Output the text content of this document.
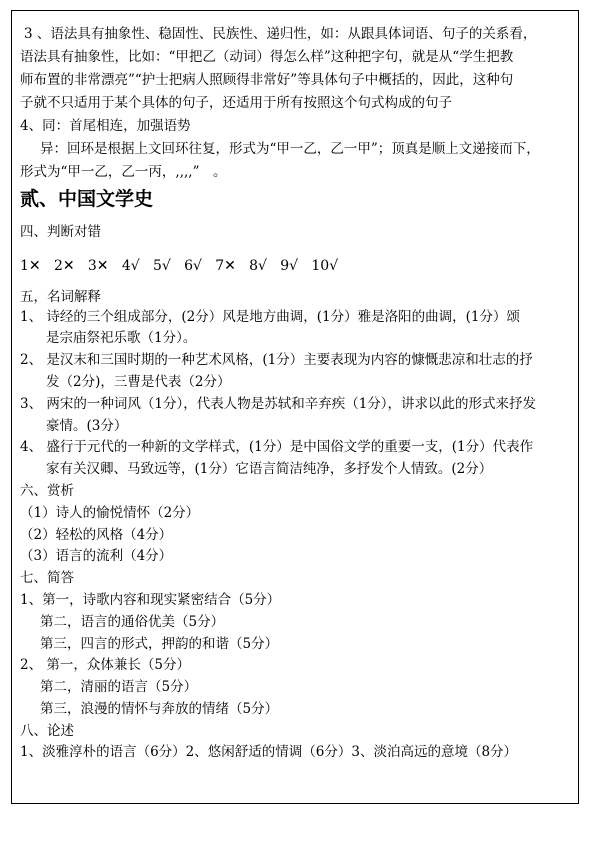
3 、语法具有抽象性、稳固性、民族性、递归性，如：从跟具体词语、句子的关系看，
语法具有抽象性，比如：“甲把乙（动词）得怎么样”这种把字句，就是从“学生把教
师布置的非常漂亮”“护士把病人照顾得非常好”等具体句子中概括的，因此，这种句
子就不只适用于某个具体的句子，还适用于所有按照这个句式构成的句子
4、同：首尾相连，加强语势
异：回环是根据上文回环往复，形式为“甲一乙，乙一甲”；顶真是顺上文递接而下，
形式为“甲一乙，乙一丙，,,,,”　。
贰、中国文学史
四、判断对错
1✕ 2✕ 3✕ 4√ 5√ 6√ 7✕ 8√ 9√ 10√
五，名词解释
1、 诗经的三个组成部分，(2分）风是地方曲调，(1分）雅是洛阳的曲调，(1分）颂
是宗庙祭祀乐歌（1分）。
2、 是汉末和三国时期的一种艺术风格，(1分）主要表现为内容的慷慨悲凉和壮志的抒
发（2分)，三曹是代表（2分）
3、 两宋的一种词风（1分），代表人物是苏轼和辛弃疾（1分），讲求以此的形式来抒发
豪情。(3分）
4、 盛行于元代的一种新的文学样式，(1分）是中国俗文学的重要一支，(1分）代表作
家有关汉卿、马致远等，(1分）它语言简洁纯净，多抒发个人情致。(2分）
六、赏析
（1）诗人的愉悦情怀（2分）
（2）轻松的风格（4分）
（3）语言的流利（4分）
七、简答
1、第一，诗歌内容和现实紧密结合（5分）
第二，语言的通俗优美（5分）
第三，四言的形式，押韵的和谐（5分）
2、 第一，众体兼长（5分）
第二，清丽的语言（5分）
第三，浪漫的情怀与奔放的情绪（5分）
八、论述
1、淡雅淳朴的语言（6分）2、悠闲舒适的情调（6分）3、淡泊高远的意境（8分）
